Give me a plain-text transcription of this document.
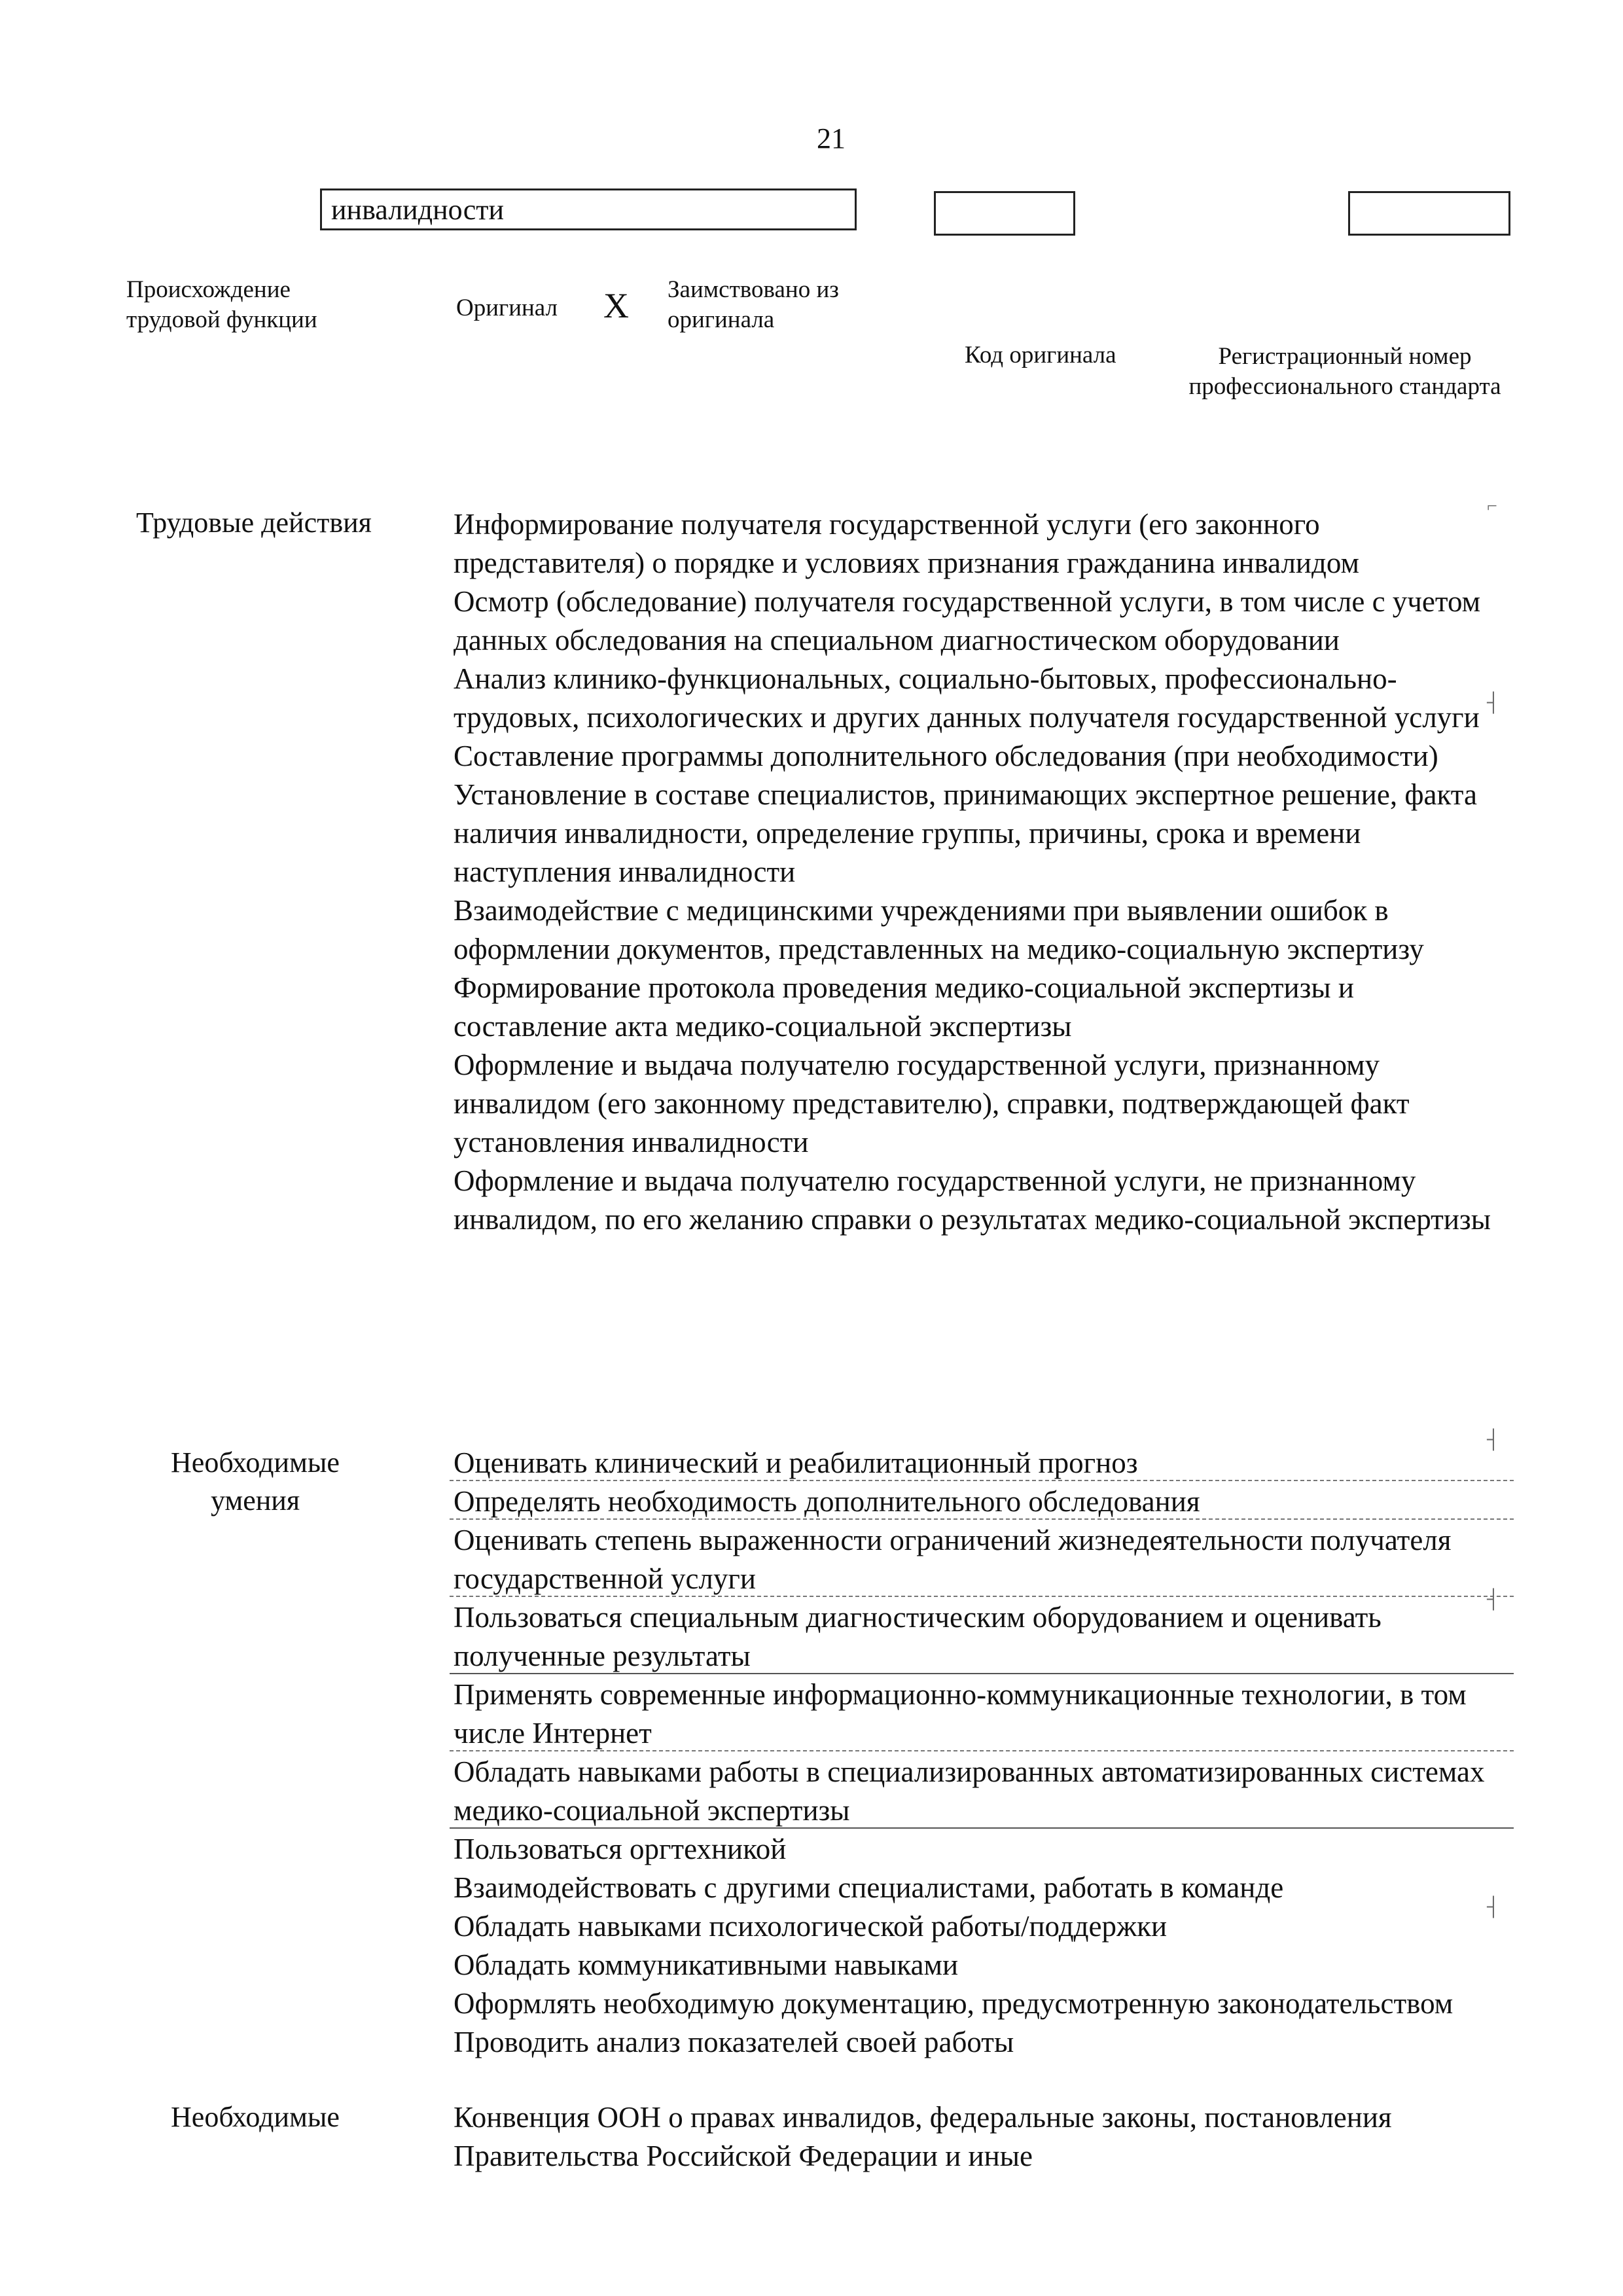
21
инвалидности
Происхождение трудовой функции	Оригинал X Заимствовано из оригинала
Код оригинала	Регистрационный номер профессионального стандарта
Трудовые действия	Информирование получателя государственной услуги (его законного представителя) о порядке и условиях признания гражданина инвалидом
Осмотр (обследование) получателя государственной услуги, в том числе с учетом данных обследования на специальном диагностическом оборудовании
Анализ клинико-функциональных, социально-бытовых, профессионально-трудовых, психологических и других данных получателя государственной услуги
Составление программы дополнительного обследования (при необходимости)
Установление в составе специалистов, принимающих экспертное решение, факта наличия инвалидности, определение группы, причины, срока и времени наступления инвалидности
Взаимодействие с медицинскими учреждениями при выявлении ошибок в оформлении документов, представленных на медико-социальную экспертизу
Формирование протокола проведения медико-социальной экспертизы и составление акта медико-социальной экспертизы
Оформление и выдача получателю государственной услуги, признанному инвалидом (его законному представителю), справки, подтверждающей факт установления инвалидности
Оформление и выдача получателю государственной услуги, не признанному инвалидом, по его желанию справки о результатах медико-социальной экспертизы
Необходимые умения
Оценивать клинический и реабилитационный прогноз
Определять необходимость дополнительного обследования
Оценивать степень выраженности ограничений жизнедеятельности получателя государственной услуги
Пользоваться специальным диагностическим оборудованием и оценивать полученные результаты
Применять современные информационно-коммуникационные технологии, в том числе Интернет
Обладать навыками работы в специализированных автоматизированных системах медико-социальной экспертизы
Пользоваться оргтехникой
Взаимодействовать с другими специалистами, работать в команде
Обладать навыками психологической работы/поддержки
Обладать коммуникативными навыками
Оформлять необходимую документацию, предусмотренную законодательством
Проводить анализ показателей своей работы
Необходимые	Конвенция ООН о правах инвалидов, федеральные законы, постановления Правительства Российской Федерации и иные
⌐
┤
┤
┤
┤
